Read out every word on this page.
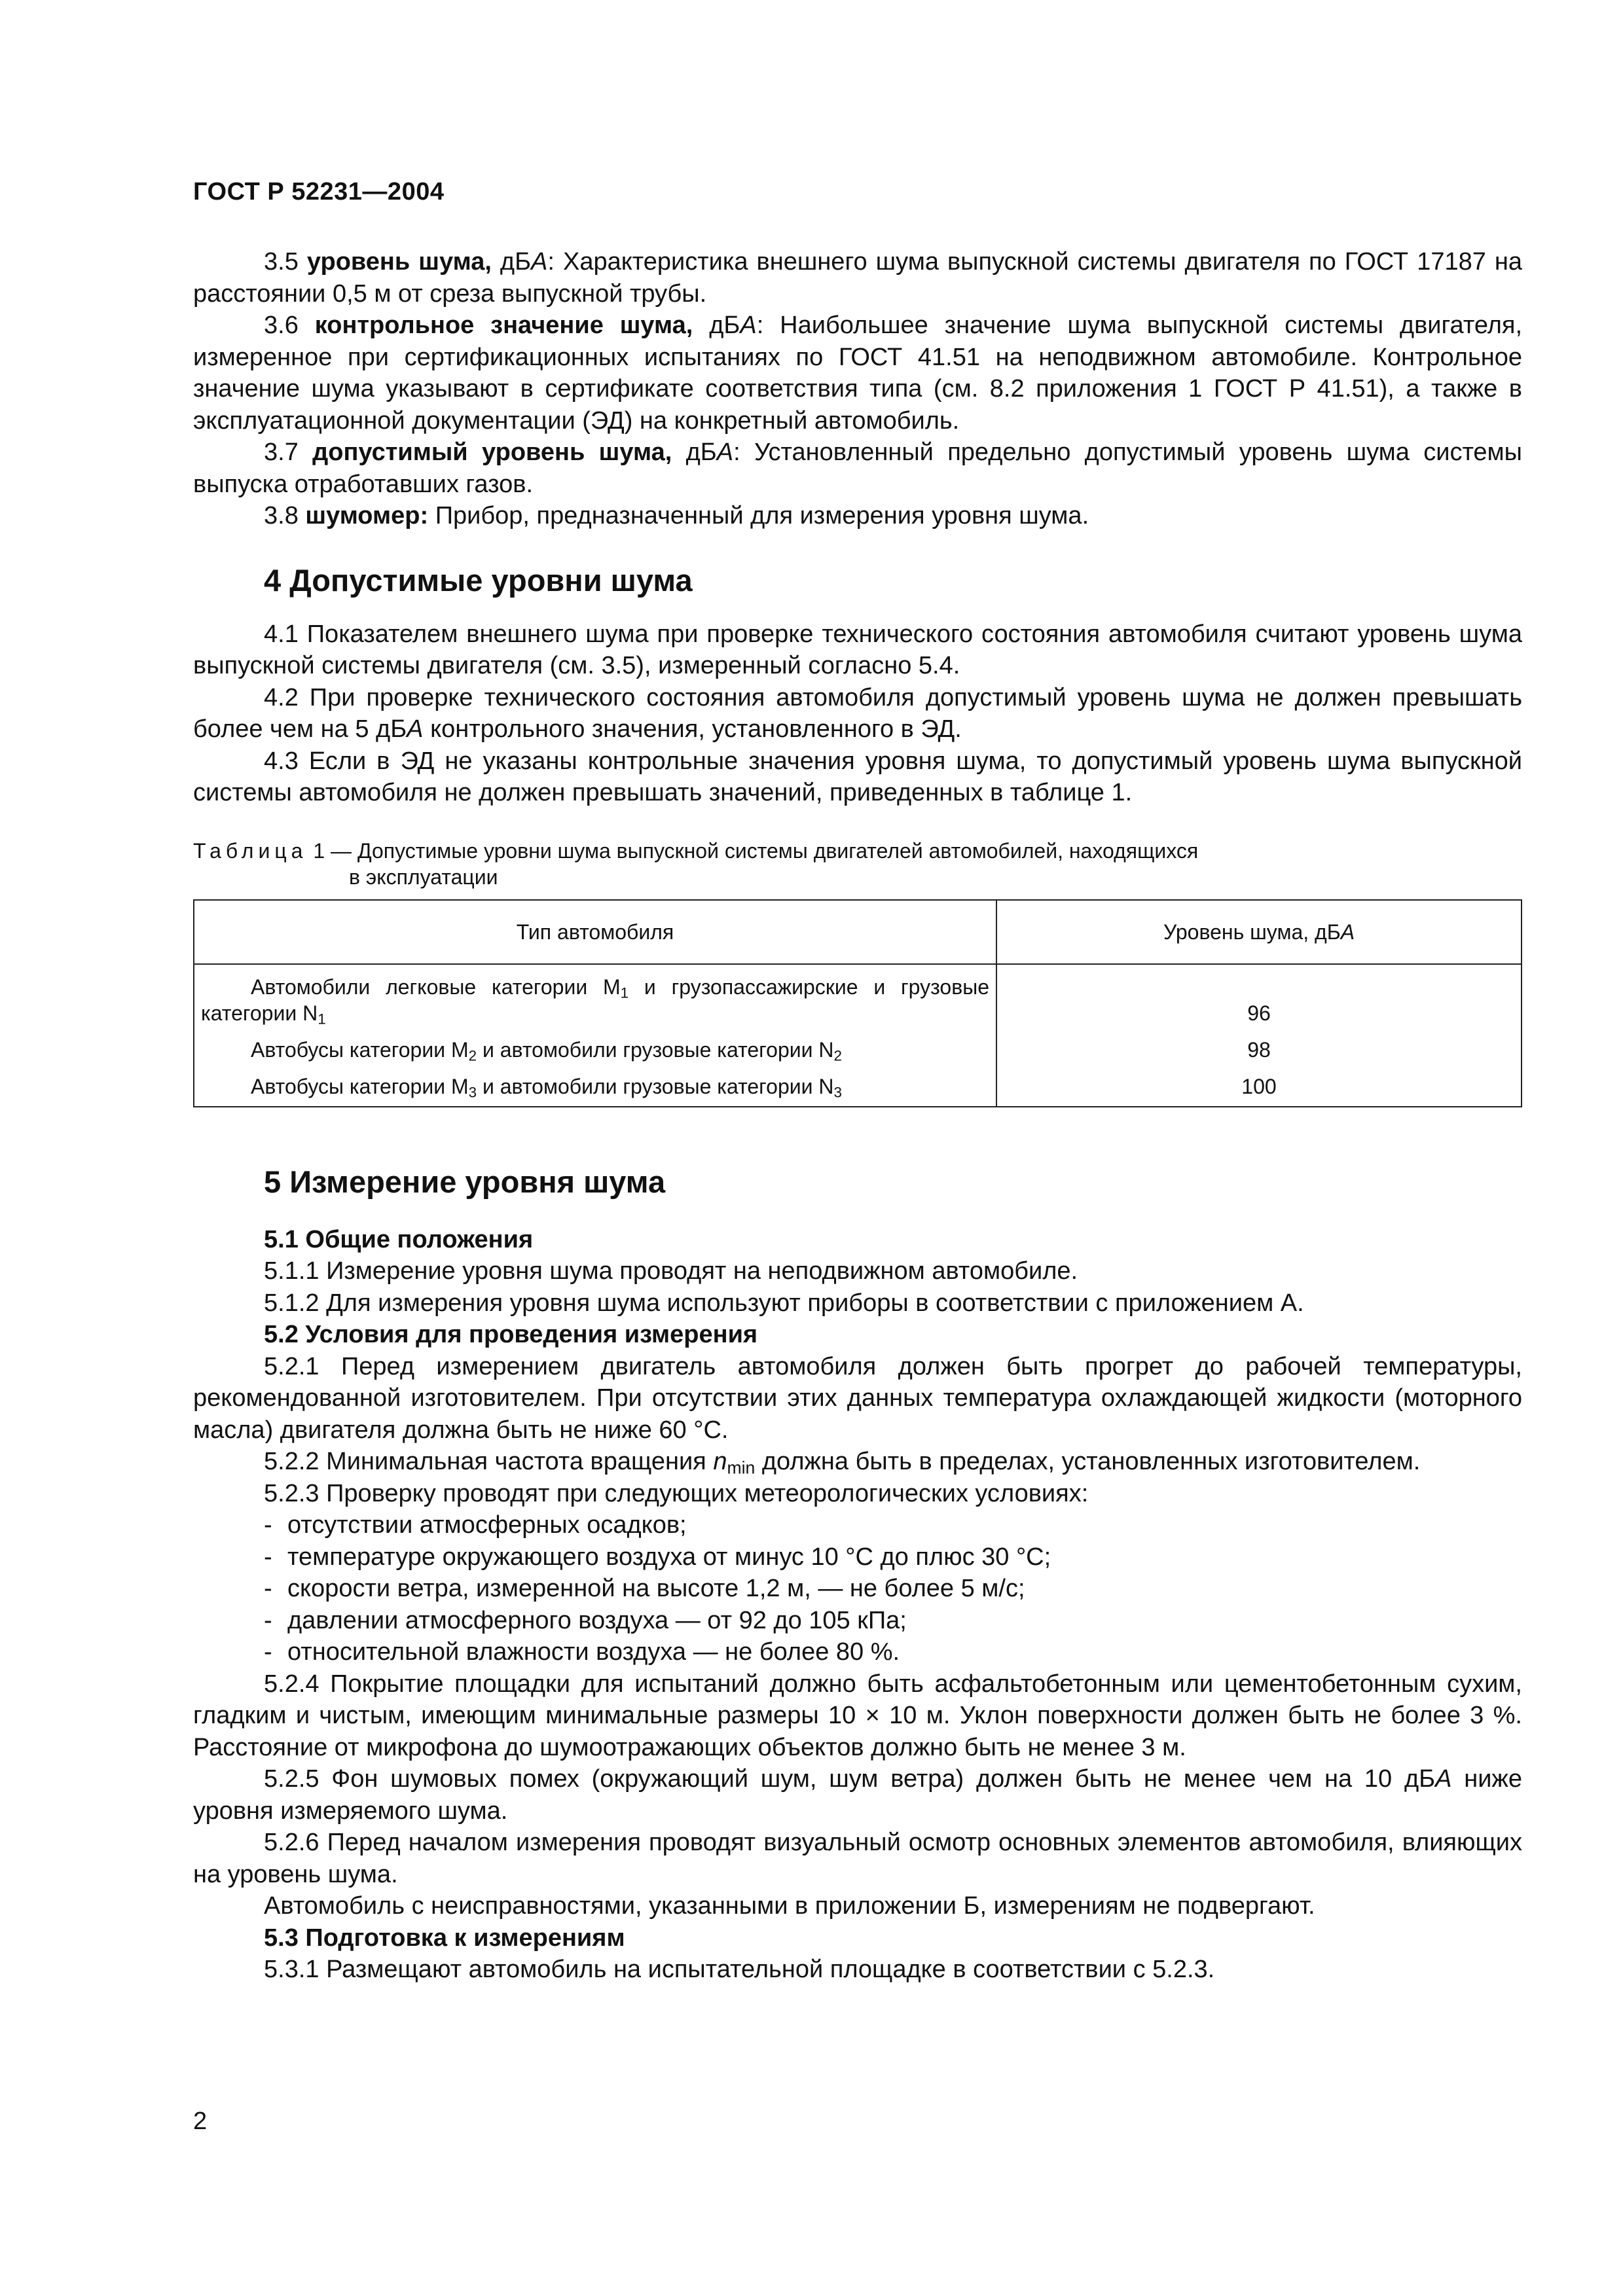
ГОСТ Р 52231—2004

3.5 уровень шума, дБА: Характеристика внешнего шума выпускной системы двигателя по ГОСТ 17187 на расстоянии 0,5 м от среза выпускной трубы.

3.6 контрольное значение шума, дБА: Наибольшее значение шума выпускной системы двигателя, измеренное при сертификационных испытаниях по ГОСТ 41.51 на неподвижном автомобиле. Контрольное значение шума указывают в сертификате соответствия типа (см. 8.2 приложения 1 ГОСТ Р 41.51), а также в эксплуатационной документации (ЭД) на конкретный автомобиль.

3.7 допустимый уровень шума, дБА: Установленный предельно допустимый уровень шума системы выпуска отработавших газов.

3.8 шумомер: Прибор, предназначенный для измерения уровня шума.

4 Допустимые уровни шума

4.1 Показателем внешнего шума при проверке технического состояния автомобиля считают уровень шума выпускной системы двигателя (см. 3.5), измеренный согласно 5.4.

4.2 При проверке технического состояния автомобиля допустимый уровень шума не должен превышать более чем на 5 дБА контрольного значения, установленного в ЭД.

4.3 Если в ЭД не указаны контрольные значения уровня шума, то допустимый уровень шума выпускной системы автомобиля не должен превышать значений, приведенных в таблице 1.

Таблица 1 — Допустимые уровни шума выпускной системы двигателей автомобилей, находящихся
в эксплуатации
Тип автомобиля	Уровень шума, дБА
Автомобили легковые категории $M_1$ и грузопассажирские и грузовые категории $N_1$	96
Автобусы категории $M_2$ и автомобили грузовые категории $N_2$	98
Автобусы категории $M_3$ и автомобили грузовые категории $N_3$	100
5 Измерение уровня шума
5.1 Общие положения

5.1.1 Измерение уровня шума проводят на неподвижном автомобиле.

5.1.2 Для измерения уровня шума используют приборы в соответствии с приложением А.

5.2 Условия для проведения измерения

5.2.1 Перед измерением двигатель автомобиля должен быть прогрет до рабочей температуры, рекомендованной изготовителем. При отсутствии этих данных температура охлаждающей жидкости (моторного масла) двигателя должна быть не ниже 60 °С.

5.2.2 Минимальная частота вращения $n_{min}$ должна быть в пределах, установленных изготовителем.

5.2.3 Проверку проводят при следующих метеорологических условиях:

- отсутствии атмосферных осадков;
- температуре окружающего воздуха от минус 10 °С до плюс 30 °С;
- скорости ветра, измеренной на высоте 1,2 м, — не более 5 м/с;
- давлении атмосферного воздуха — от 92 до 105 кПа;
- относительной влажности воздуха — не более 80 %.

5.2.4 Покрытие площадки для испытаний должно быть асфальтобетонным или цементобетонным сухим, гладким и чистым, имеющим минимальные размеры 10 × 10 м. Уклон поверхности должен быть не более 3 %. Расстояние от микрофона до шумоотражающих объектов должно быть не менее 3 м.

5.2.5 Фон шумовых помех (окружающий шум, шум ветра) должен быть не менее чем на 10 дБА ниже уровня измеряемого шума.

5.2.6 Перед началом измерения проводят визуальный осмотр основных элементов автомобиля, влияющих на уровень шума.

Автомобиль с неисправностями, указанными в приложении Б, измерениям не подвергают.

5.3 Подготовка к измерениям

5.3.1 Размещают автомобиль на испытательной площадке в соответствии с 5.2.3.

2
